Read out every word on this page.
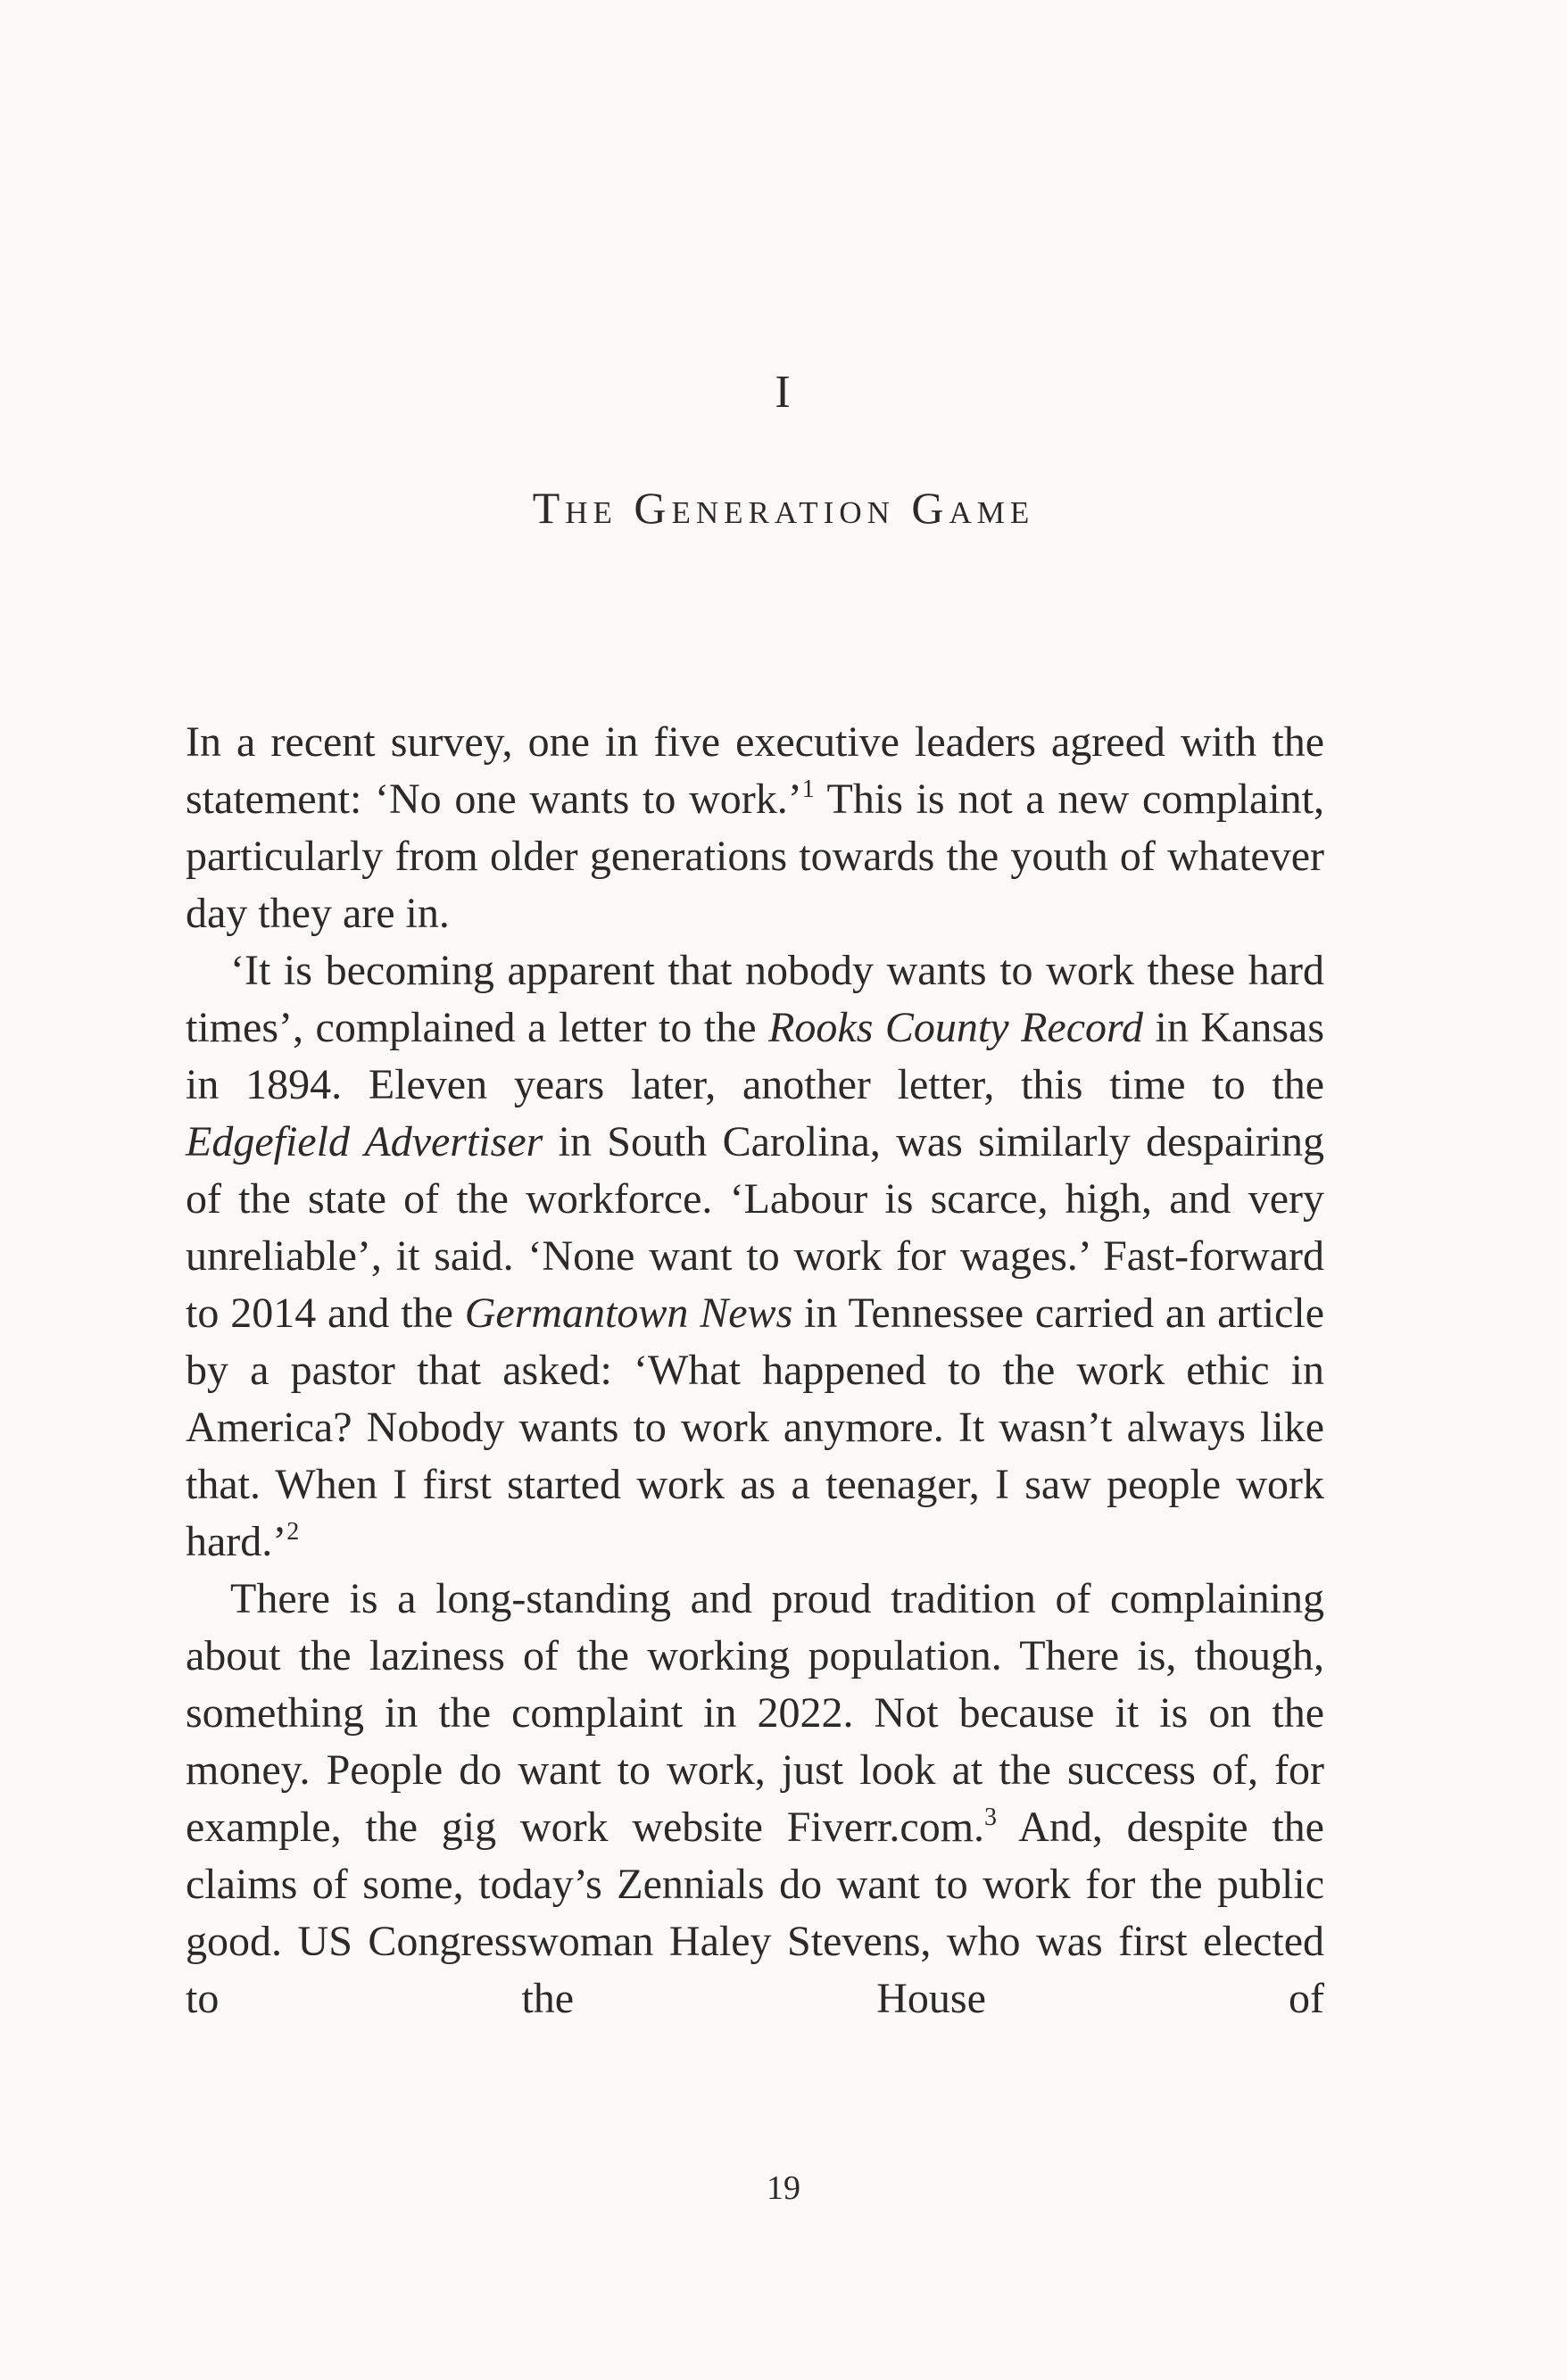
I
The Generation Game

In a recent survey, one in five executive leaders agreed with the statement: ‘No one wants to work.’$^1$ This is not a new complaint, particularly from older generations towards the youth of whatever day they are in.

‘It is becoming apparent that nobody wants to work these hard times’, complained a letter to the Rooks County Record in Kansas in 1894. Eleven years later, another letter, this time to the Edgefield Advertiser in South Carolina, was similarly despairing of the state of the workforce. ‘Labour is scarce, high, and very unreliable’, it said. ‘None want to work for wages.’ Fast-forward to 2014 and the Germantown News in Tennessee carried an article by a pastor that asked: ‘What happened to the work ethic in America? Nobody wants to work anymore. It wasn’t always like that. When I first started work as a teenager, I saw people work hard.’$^2$

There is a long-standing and proud tradition of complaining about the laziness of the working population. There is, though, something in the complaint in 2022. Not because it is on the money. People do want to work, just look at the success of, for example, the gig work website Fiverr.com.$^3$ And, despite the claims of some, today’s Zennials do want to work for the public good. US Congresswoman Haley Stevens, who was first elected to the House of

19
